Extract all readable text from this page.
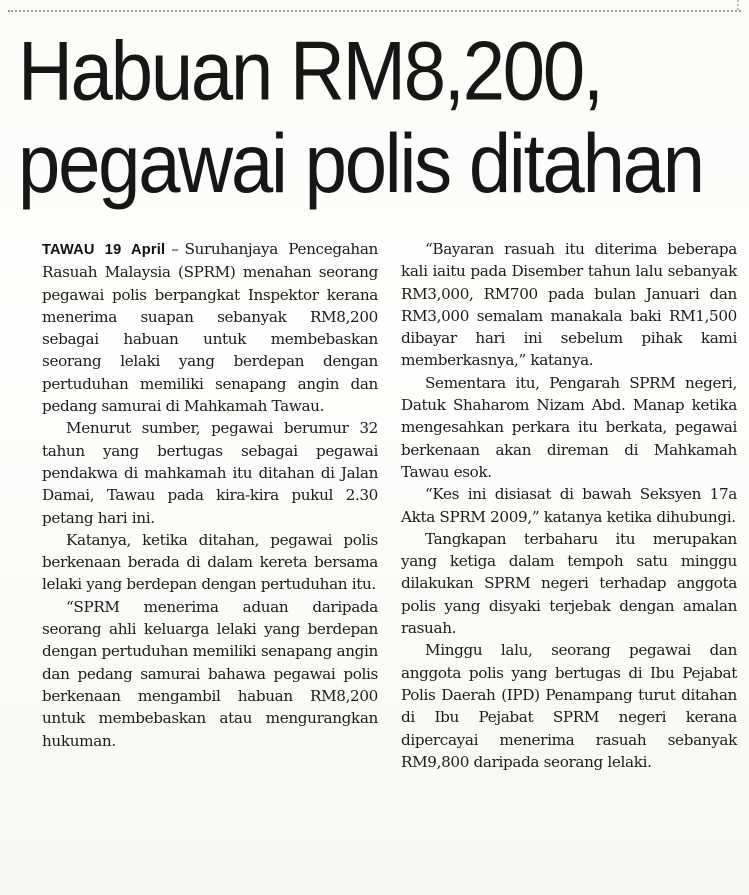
Habuan RM8,200,
pegawai polis ditahan

TAWAU 19 April – Suruhanjaya Pencegahan Rasuah Malaysia (SPRM) menahan seorang pegawai polis berpangkat Inspektor kerana menerima suapan sebanyak RM8,200 sebagai habuan untuk membebaskan seorang lelaki yang berdepan dengan pertuduhan memiliki senapang angin dan pedang samurai di Mahkamah Tawau.

Menurut sumber, pegawai berumur 32 tahun yang bertugas sebagai pegawai pendakwa di mahkamah itu ditahan di Jalan Damai, Tawau pada kira-kira pukul 2.30 petang hari ini.

Katanya, ketika ditahan, pegawai polis berkenaan berada di dalam kereta bersama lelaki yang berdepan dengan pertuduhan itu.

“SPRM menerima aduan daripada seorang ahli keluarga lelaki yang berdepan dengan pertuduhan memiliki senapang angin dan pedang samurai bahawa pegawai polis berkenaan mengambil habuan RM8,200 untuk membebaskan atau mengurangkan hukuman.

“Bayaran rasuah itu diterima beberapa kali iaitu pada Disember tahun lalu sebanyak RM3,000, RM700 pada bulan Januari dan RM3,000 semalam manakala baki RM1,500 dibayar hari ini sebelum pihak kami memberkasnya,” katanya.

Sementara itu, Pengarah SPRM negeri, Datuk Shaharom Nizam Abd. Manap ketika mengesahkan perkara itu berkata, pegawai berkenaan akan direman di Mahkamah Tawau esok.

“Kes ini disiasat di bawah Seksyen 17a Akta SPRM 2009,” katanya ketika dihubungi.

Tangkapan terbaharu itu merupakan yang ketiga dalam tempoh satu minggu dilakukan SPRM negeri terhadap anggota polis yang disyaki terjebak dengan amalan rasuah.

Minggu lalu, seorang pegawai dan anggota polis yang bertugas di Ibu Pejabat Polis Daerah (IPD) Penampang turut ditahan di Ibu Pejabat SPRM negeri kerana dipercayai menerima rasuah sebanyak RM9,800 daripada seorang lelaki.
